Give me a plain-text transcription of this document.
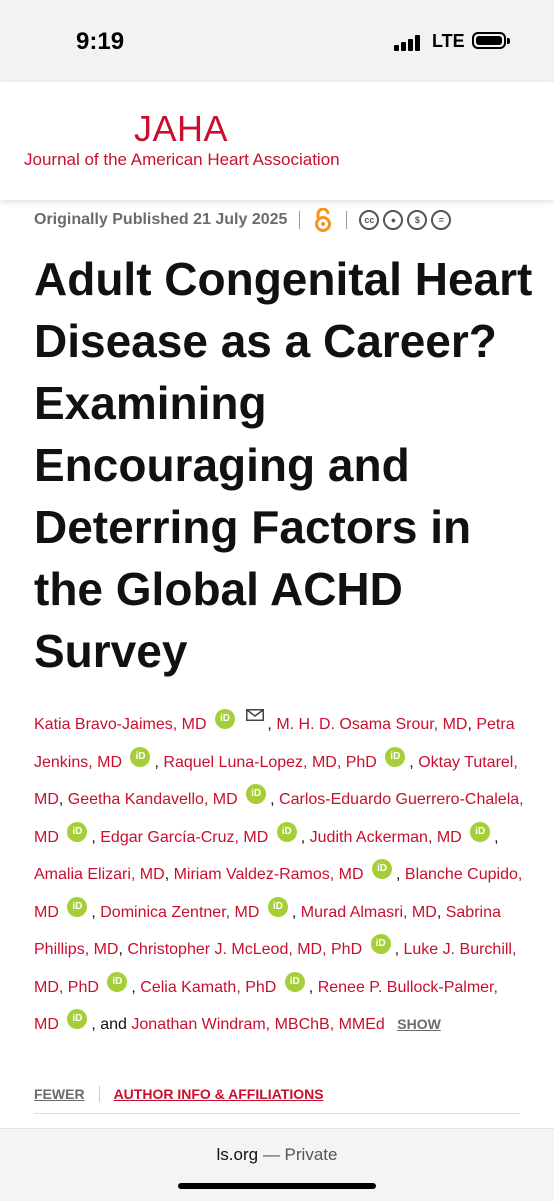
9:19	LTE
JAHA
Journal of the American Heart Association
Originally Published 21 July 2025	cc	●	$	=
Adult Congenital Heart Disease as a Career? Examining Encouraging and Deterring Factors in the Global ACHD Survey
Katia Bravo-Jaimes, MD iD , M. H. D. Osama Srour, MD, Petra Jenkins, MD iD , Raquel Luna-Lopez, MD, PhD iD , Oktay Tutarel, MD, Geetha Kandavello, MD iD , Carlos-Eduardo Guerrero-Chalela, MD iD , Edgar García-Cruz, MD iD , Judith Ackerman, MD iD , Amalia Elizari, MD, Miriam Valdez-Ramos, MD iD , Blanche Cupido, MD iD , Dominica Zentner, MD iD , Murad Almasri, MD, Sabrina Phillips, MD, Christopher J. McLeod, MD, PhD iD , Luke J. Burchill, MD, PhD iD , Celia Kamath, PhD iD , Renee P. Bullock-Palmer, MD iD , and Jonathan Windram, MBChB, MMEd SHOW
FEWER AUTHOR INFO & AFFILIATIONS
ls.org — Private
